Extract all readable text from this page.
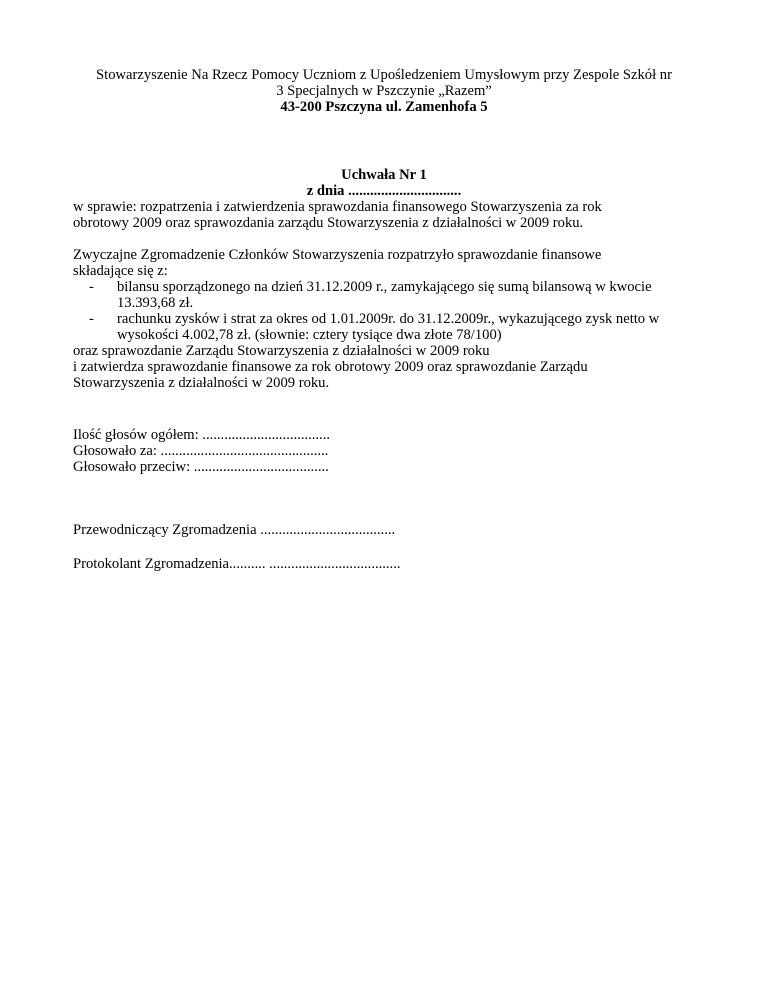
Stowarzyszenie Na Rzecz Pomocy Uczniom z Upośledzeniem Umysłowym przy Zespole Szkół nr
3 Specjalnych w Pszczynie „Razem”
43-200 Pszczyna ul. Zamenhofa 5
Uchwała Nr 1
z dnia ...............................
w sprawie: rozpatrzenia i zatwierdzenia sprawozdania finansowego Stowarzyszenia za rok
obrotowy 2009 oraz sprawozdania zarządu Stowarzyszenia z działalności w 2009 roku.
Zwyczajne Zgromadzenie Członków Stowarzyszenia rozpatrzyło sprawozdanie finansowe
składające się z:
- bilansu sporządzonego na dzień 31.12.2009 r., zamykającego się sumą bilansową w kwocie
13.393,68 zł.
- rachunku zysków i strat za okres od 1.01.2009r. do 31.12.2009r., wykazującego zysk netto w
wysokości 4.002,78 zł. (słownie: cztery tysiące dwa złote 78/100)
oraz sprawozdanie Zarządu Stowarzyszenia z działalności w 2009 roku
i zatwierdza sprawozdanie finansowe za rok obrotowy 2009 oraz sprawozdanie Zarządu
Stowarzyszenia z działalności w 2009 roku.
Ilość głosów ogółem: ...................................
Głosowało za: ..............................................
Głosowało przeciw: .....................................
Przewodniczący Zgromadzenia .....................................
Protokolant Zgromadzenia.......... ....................................
